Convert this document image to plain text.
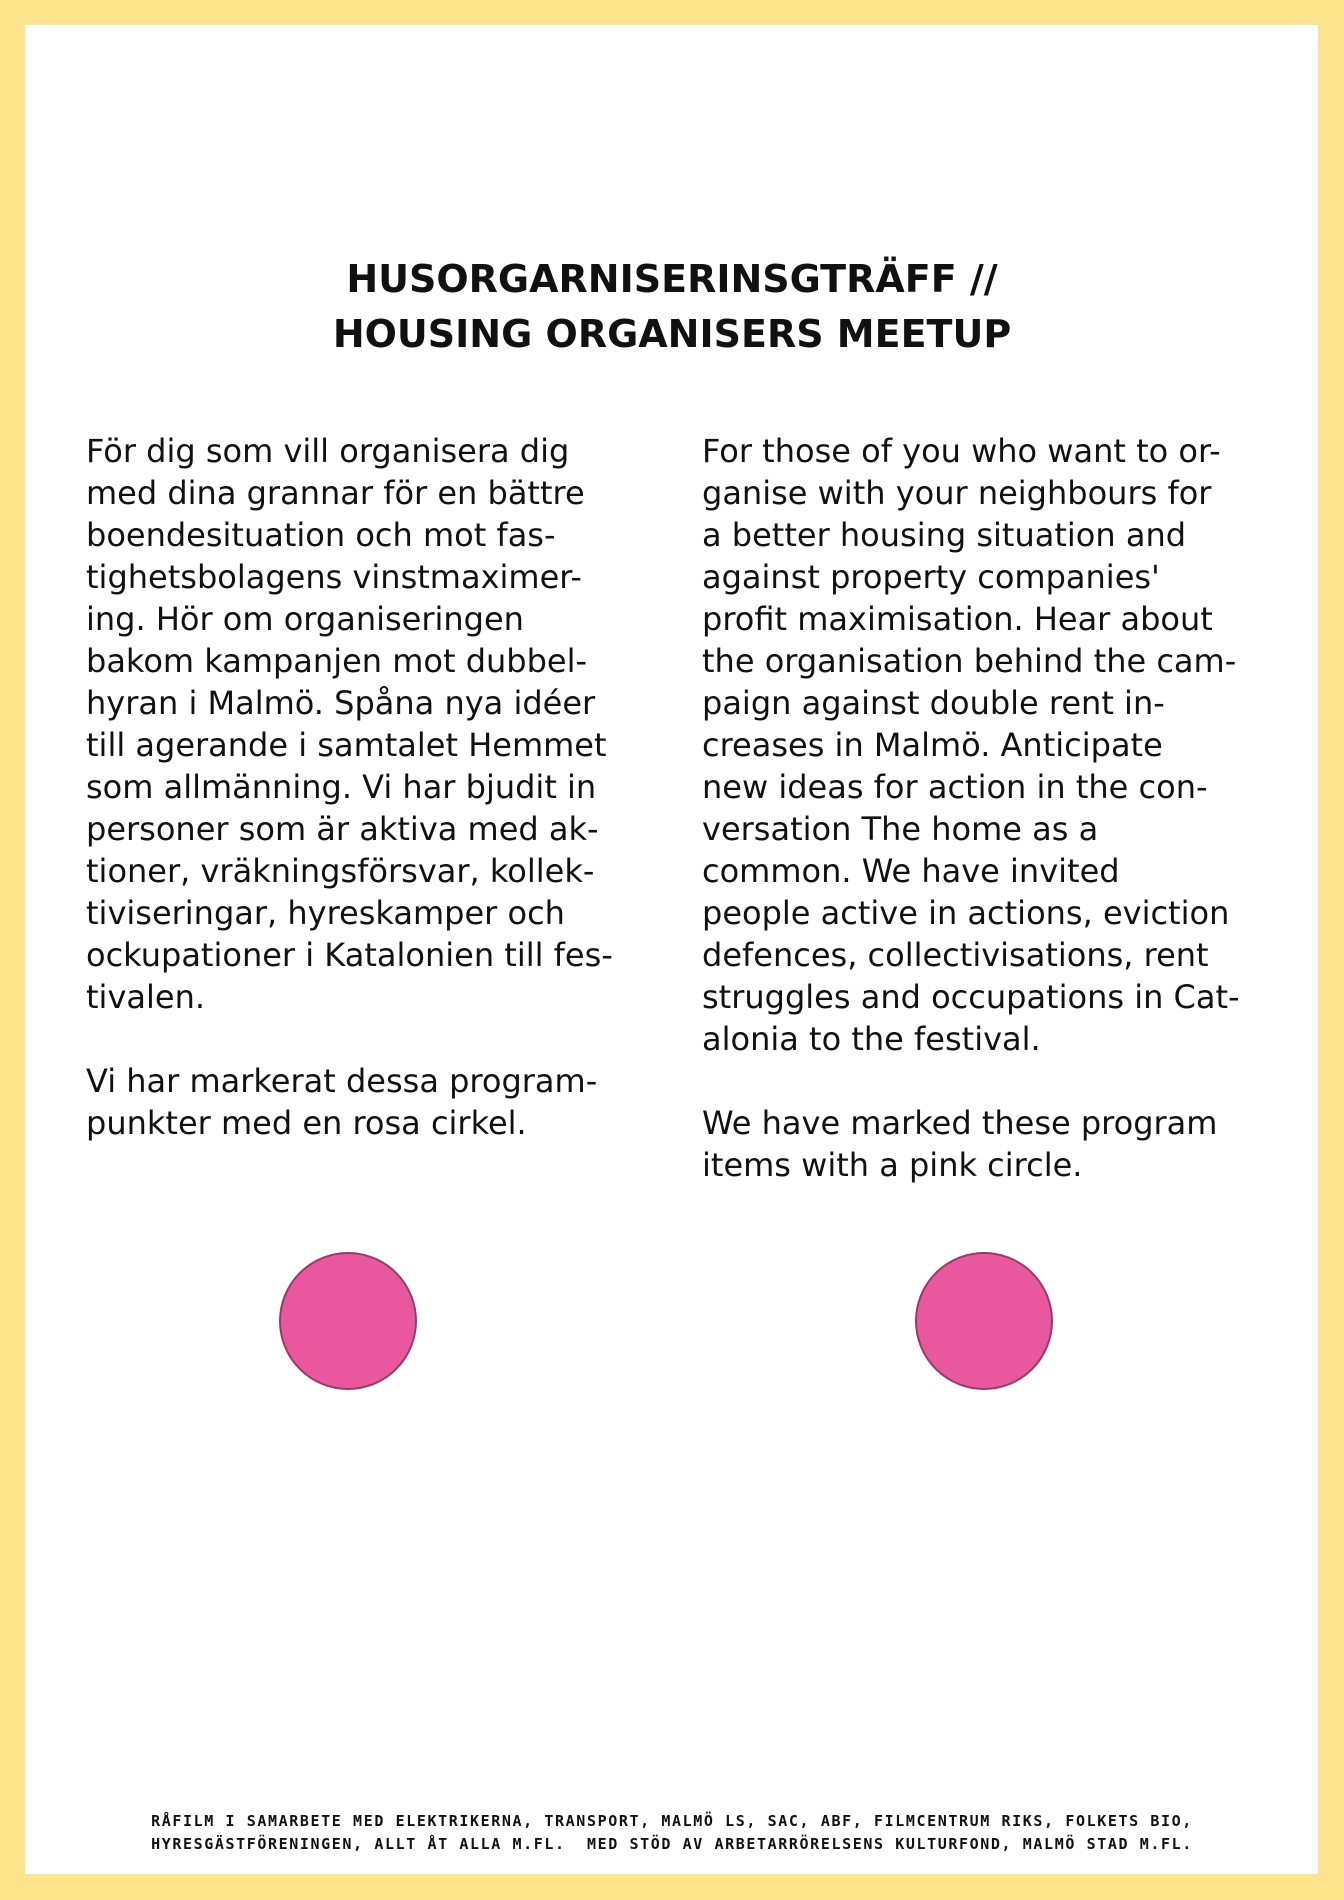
HUSORGARNISERINSGTRÄFF //
HOUSING ORGANISERS MEETUP
För dig som vill organisera dig
med dina grannar för en bättre
boendesituation och mot fas-
tighetsbolagens vinstmaximer-
ing. Hör om organiseringen
bakom kampanjen mot dubbel-
hyran i Malmö. Spåna nya idéer
till agerande i samtalet Hemmet
som allmänning. Vi har bjudit in
personer som är aktiva med ak-
tioner, vräkningsförsvar, kollek-
tiviseringar, hyreskamper och
ockupationer i Katalonien till fes-
tivalen.
Vi har markerat dessa program-
punkter med en rosa cirkel.
For those of you who want to or-
ganise with your neighbours for
a better housing situation and
against property companies'
profit maximisation. Hear about
the organisation behind the cam-
paign against double rent in-
creases in Malmö. Anticipate
new ideas for action in the con-
versation The home as a
common. We have invited
people active in actions, eviction
defences, collectivisations, rent
struggles and occupations in Cat-
alonia to the festival.
We have marked these program
items with a pink circle.
RÅFILM I SAMARBETE MED ELEKTRIKERNA, TRANSPORT, MALMÖ LS, SAC, ABF, FILMCENTRUM RIKS, FOLKETS BIO,
HYRESGÄSTFÖRENINGEN, ALLT ÅT ALLA M.FL.  MED STÖD AV ARBETARRÖRELSENS KULTURFOND, MALMÖ STAD M.FL.
